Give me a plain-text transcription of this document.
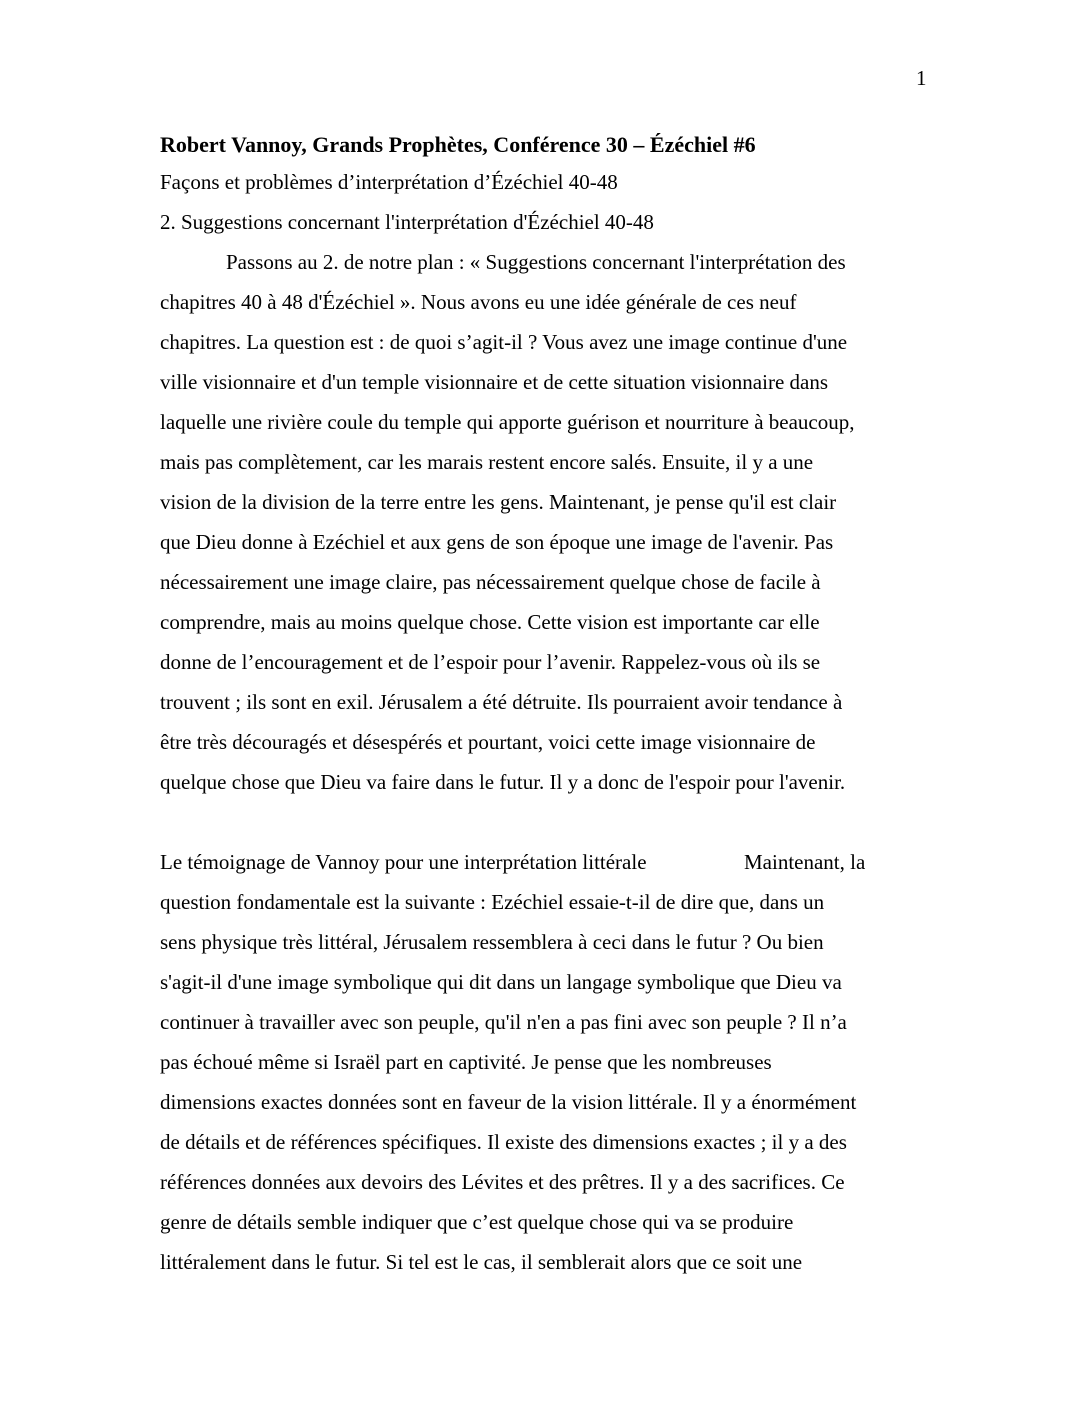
1
Robert Vannoy, Grands Prophètes, Conférence 30 – Ézéchiel #6

Façons et problèmes d’interprétation d’Ézéchiel 40-48

2. Suggestions concernant l'interprétation d'Ézéchiel 40-48

Passons au 2. de notre plan : « Suggestions concernant l'interprétation des
chapitres 40 à 48 d'Ézéchiel ». Nous avons eu une idée générale de ces neuf
chapitres. La question est : de quoi s’agit-il ? Vous avez une image continue d'une
ville visionnaire et d'un temple visionnaire et de cette situation visionnaire dans
laquelle une rivière coule du temple qui apporte guérison et nourriture à beaucoup,
mais pas complètement, car les marais restent encore salés. Ensuite, il y a une
vision de la division de la terre entre les gens. Maintenant, je pense qu'il est clair
que Dieu donne à Ezéchiel et aux gens de son époque une image de l'avenir. Pas
nécessairement une image claire, pas nécessairement quelque chose de facile à
comprendre, mais au moins quelque chose. Cette vision est importante car elle
donne de l’encouragement et de l’espoir pour l’avenir. Rappelez-vous où ils se
trouvent ; ils sont en exil. Jérusalem a été détruite. Ils pourraient avoir tendance à
être très découragés et désespérés et pourtant, voici cette image visionnaire de
quelque chose que Dieu va faire dans le futur. Il y a donc de l'espoir pour l'avenir.
Le témoignage de Vannoy pour une interprétation littérale	Maintenant, la
question fondamentale est la suivante : Ezéchiel essaie-t-il de dire que, dans un
sens physique très littéral, Jérusalem ressemblera à ceci dans le futur ? Ou bien
s'agit-il d'une image symbolique qui dit dans un langage symbolique que Dieu va
continuer à travailler avec son peuple, qu'il n'en a pas fini avec son peuple ? Il n’a
pas échoué même si Israël part en captivité. Je pense que les nombreuses
dimensions exactes données sont en faveur de la vision littérale. Il y a énormément
de détails et de références spécifiques. Il existe des dimensions exactes ; il y a des
références données aux devoirs des Lévites et des prêtres. Il y a des sacrifices. Ce
genre de détails semble indiquer que c’est quelque chose qui va se produire
littéralement dans le futur. Si tel est le cas, il semblerait alors que ce soit une
